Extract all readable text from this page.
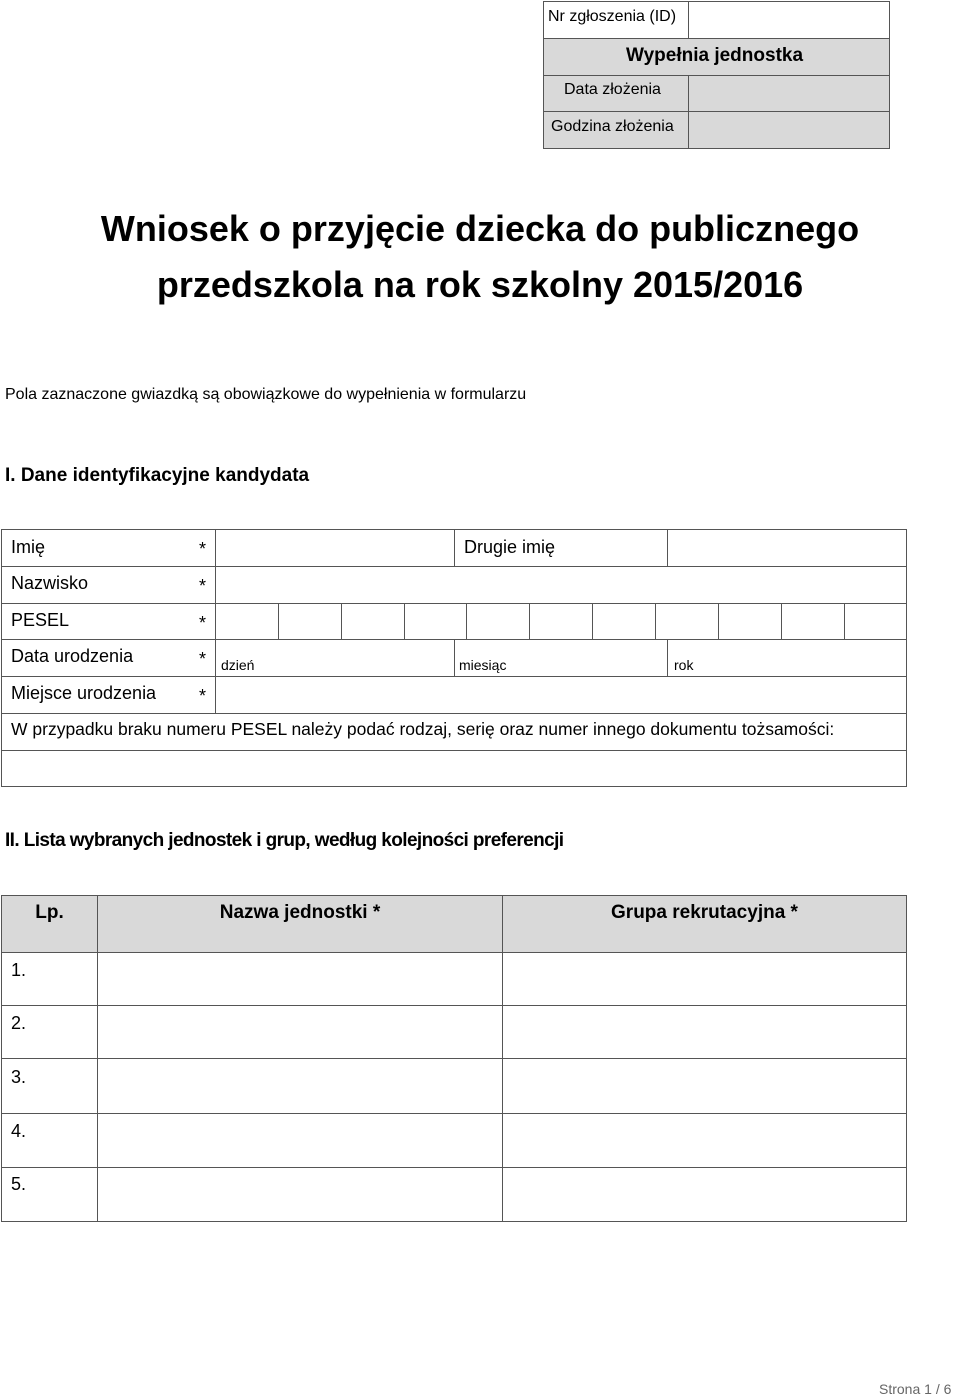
Nr zgłoszenia (ID)
Wypełnia jednostka
Data złożenia
Godzina złożenia
Wniosek o przyjęcie dziecka do publicznego
przedszkola na rok szkolny 2015/2016
Pola zaznaczone gwiazdką są obowiązkowe do wypełnienia w formularzu
I. Dane identyfikacyjne kandydata
Imię	*	Drugie imię
Nazwisko	*
PESEL	*
Data urodzenia	* dzień	miesiąc	rok
Miejsce urodzenia *
W przypadku braku numeru PESEL należy podać rodzaj, serię oraz numer innego dokumentu tożsamości:
II. Lista wybranych jednostek i grup, według kolejności preferencji
Lp.	Nazwa jednostki *	Grupa rekrutacyjna *
1.
2.
3.
4.
5.
Strona 1 / 6
